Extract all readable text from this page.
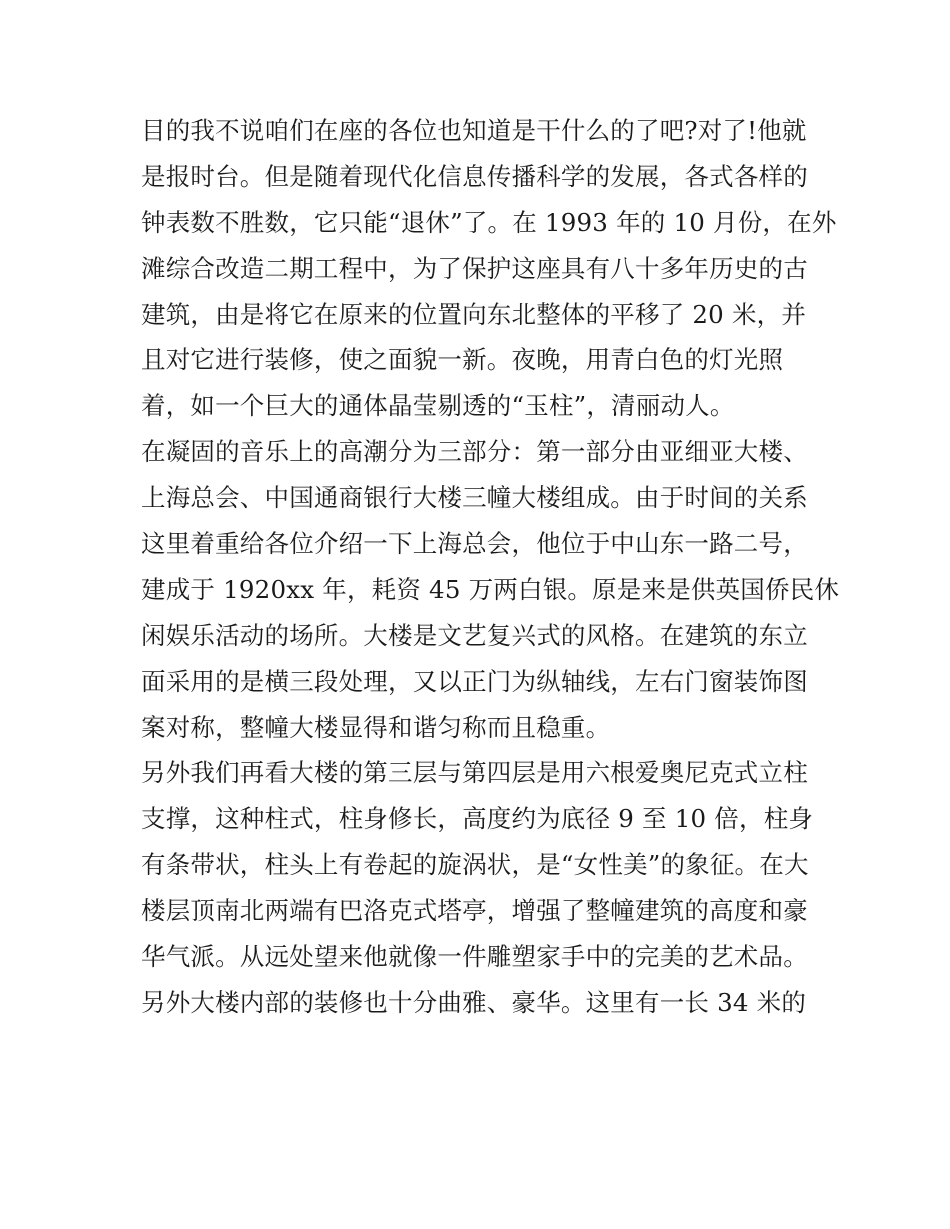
目的我不说咱们在座的各位也知道是干什么的了吧?对了!他就
是报时台。但是随着现代化信息传播科学的发展，各式各样的
钟表数不胜数，它只能“退休”了。在 1993 年的 10 月份，在外
滩综合改造二期工程中，为了保护这座具有八十多年历史的古
建筑，由是将它在原来的位置向东北整体的平移了 20 米，并
且对它进行装修，使之面貌一新。夜晚，用青白色的灯光照
着，如一个巨大的通体晶莹剔透的“玉柱”，清丽动人。
在凝固的音乐上的高潮分为三部分：第一部分由亚细亚大楼、
上海总会、中国通商银行大楼三幢大楼组成。由于时间的关系
这里着重给各位介绍一下上海总会，他位于中山东一路二号，
建成于 1920xx 年，耗资 45 万两白银。原是来是供英国侨民休
闲娱乐活动的场所。大楼是文艺复兴式的风格。在建筑的东立
面采用的是横三段处理，又以正门为纵轴线，左右门窗装饰图
案对称，整幢大楼显得和谐匀称而且稳重。
另外我们再看大楼的第三层与第四层是用六根爱奥尼克式立柱
支撑，这种柱式，柱身修长，高度约为底径 9 至 10 倍，柱身
有条带状，柱头上有卷起的旋涡状，是“女性美”的象征。在大
楼层顶南北两端有巴洛克式塔亭，增强了整幢建筑的高度和豪
华气派。从远处望来他就像一件雕塑家手中的完美的艺术品。
另外大楼内部的装修也十分曲雅、豪华。这里有一长 34 米的
